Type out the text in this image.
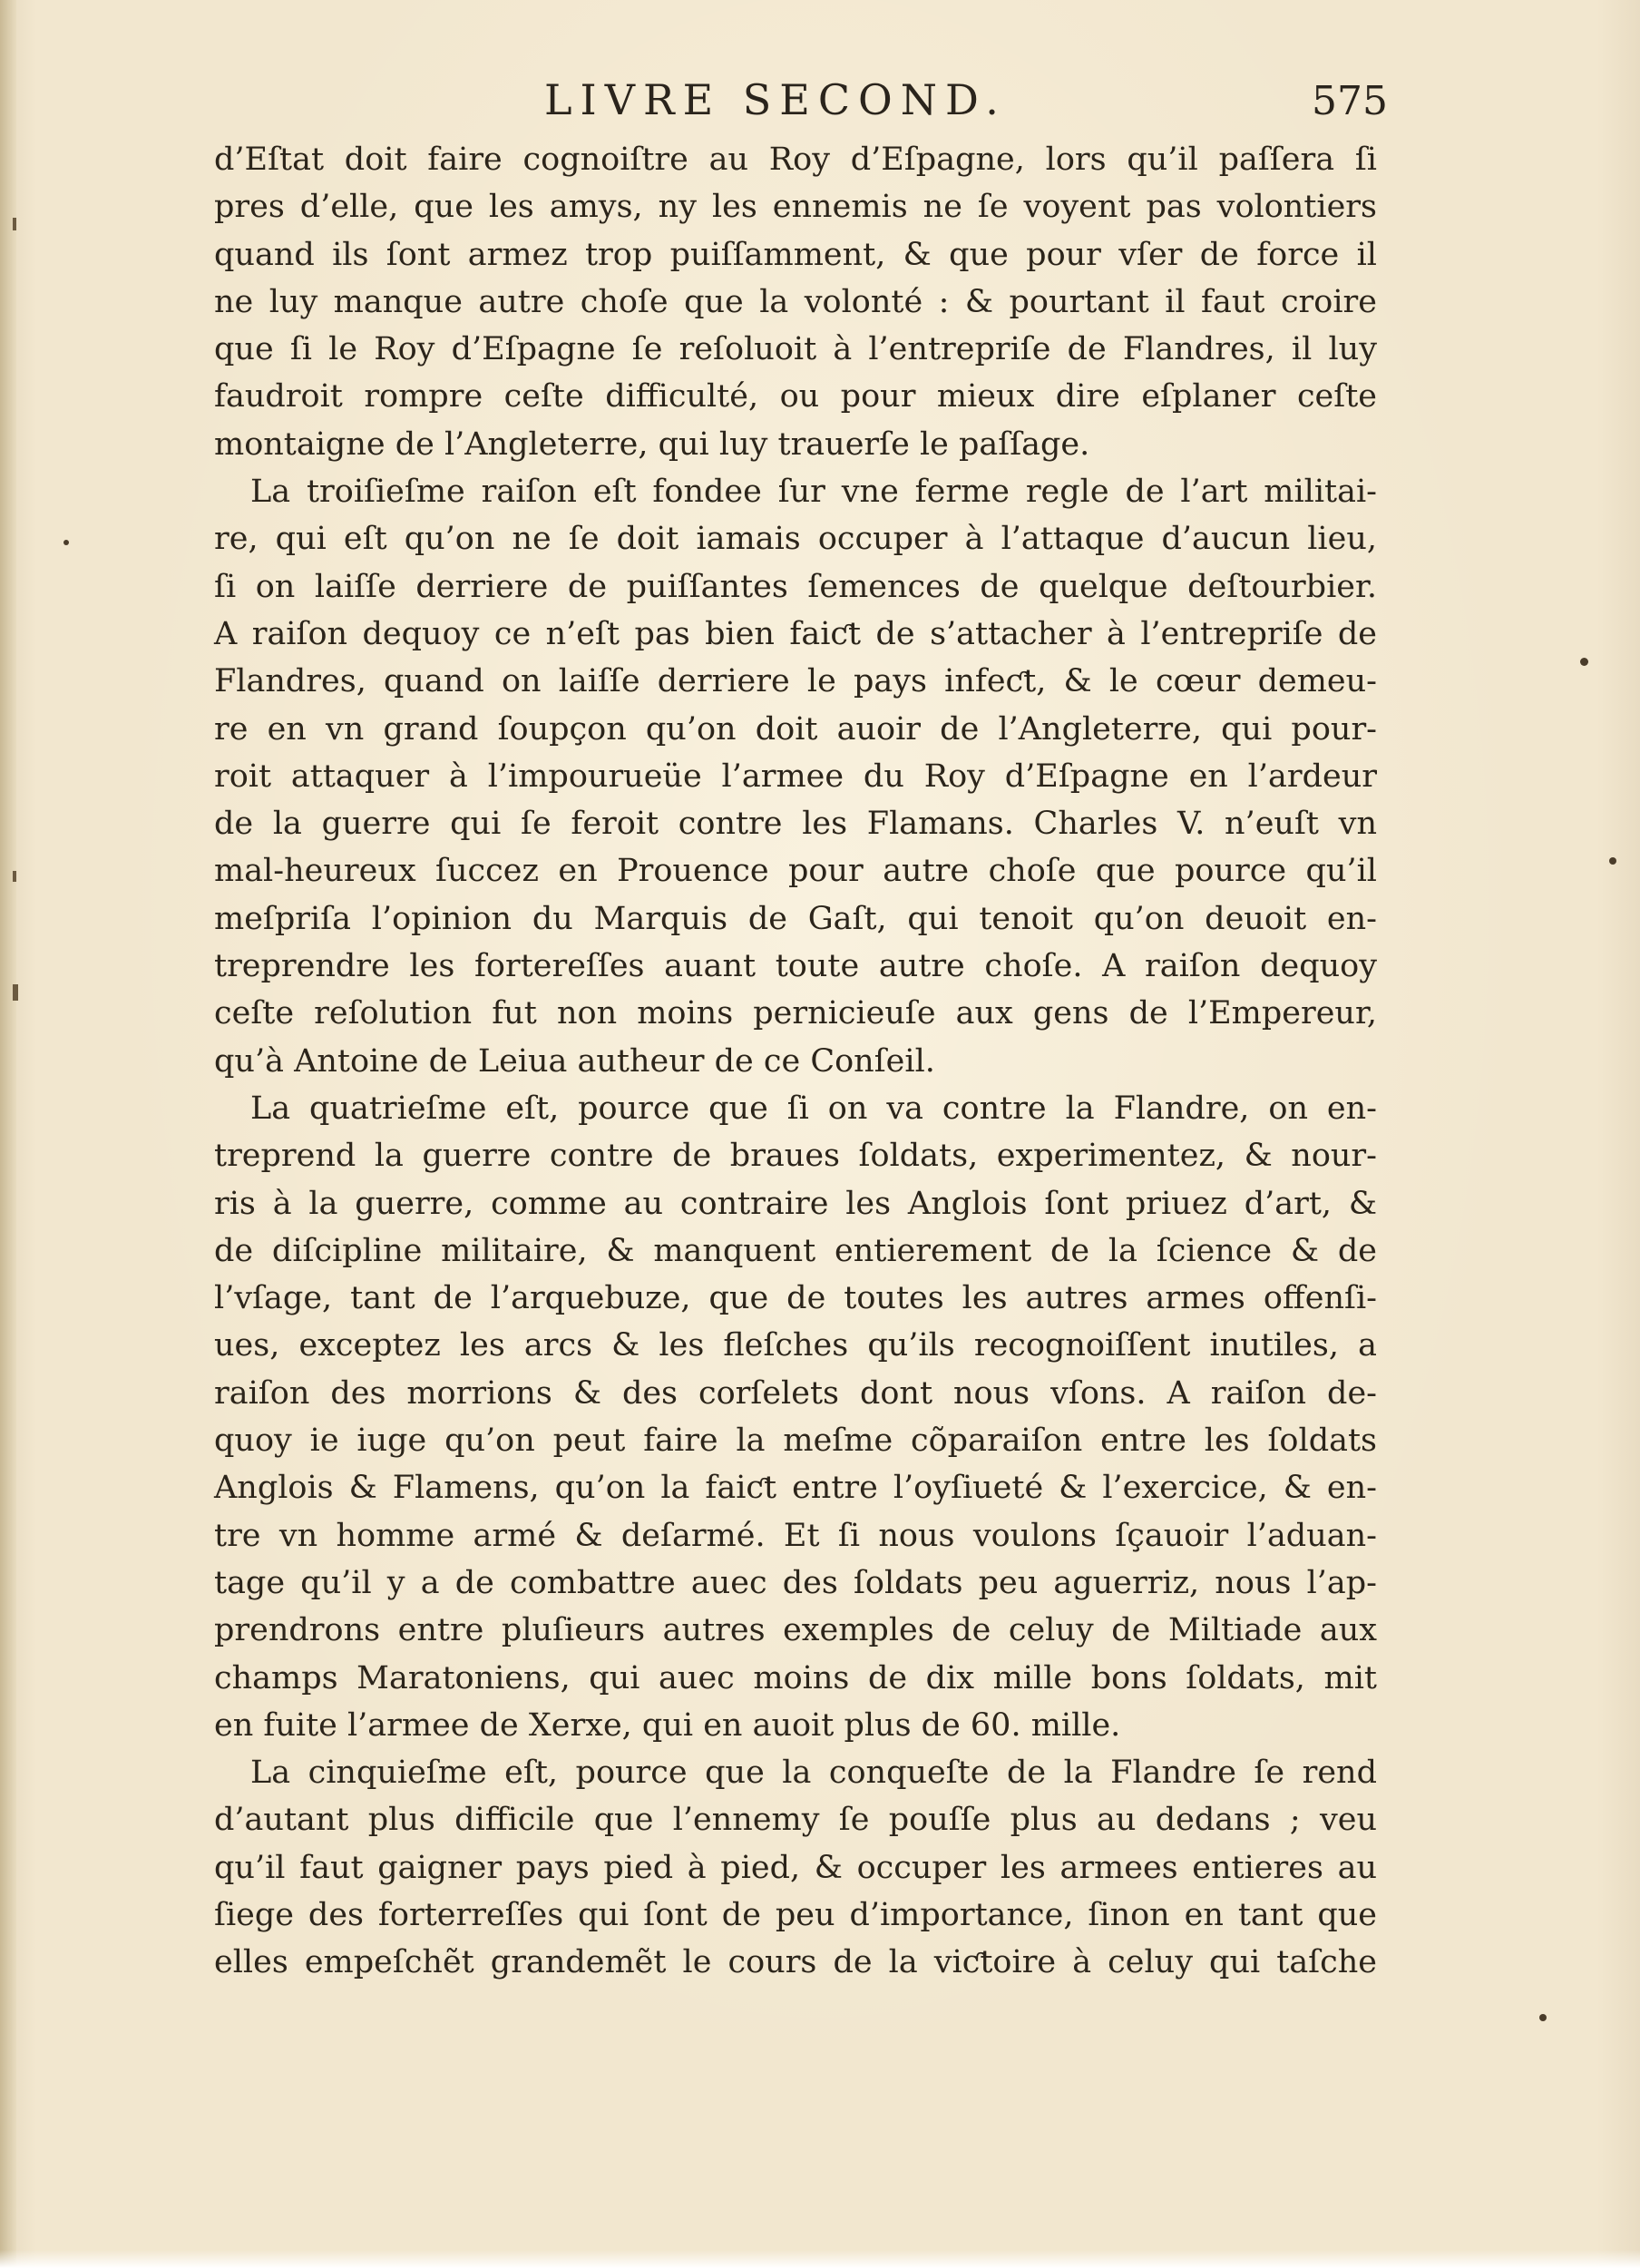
LIVRE SECOND.	575
d’Eſtat doit faire cognoiſtre au Roy d’Eſpagne, lors qu’il paſſera ſi
pres d’elle, que les amys, ny les ennemis ne ſe voyent pas volontiers
quand ils ſont armez trop puiſſamment, & que pour vſer de force il
ne luy manque autre choſe que la volonté : & pourtant il faut croire
que ſi le Roy d’Eſpagne ſe reſoluoit à l’entrepriſe de Flandres, il luy
faudroit rompre ceſte difficulté, ou pour mieux dire eſplaner ceſte
montaigne de l’Angleterre, qui luy trauerſe le paſſage.
La troiſieſme raiſon eſt fondee ſur vne ferme regle de l’art militai-
re, qui eſt qu’on ne ſe doit iamais occuper à l’attaque d’aucun lieu,
ſi on laiſſe derriere de puiſſantes ſemences de quelque deſtourbier.
A raiſon dequoy ce n’eſt pas bien faiƈt de s’attacher à l’entrepriſe de
Flandres, quand on laiſſe derriere le pays infeƈt, & le cœur demeu-
re en vn grand ſoupçon qu’on doit auoir de l’Angleterre, qui pour-
roit attaquer à l’impourueüe l’armee du Roy d’Eſpagne en l’ardeur
de la guerre qui ſe feroit contre les Flamans. Charles V. n’euſt vn
mal-heureux ſuccez en Prouence pour autre choſe que pource qu’il
meſpriſa l’opinion du Marquis de Gaſt, qui tenoit qu’on deuoit en-
treprendre les fortereſſes auant toute autre choſe. A raiſon dequoy
ceſte reſolution fut non moins pernicieuſe aux gens de l’Empereur,
qu’à Antoine de Leiua autheur de ce Conſeil.
La quatrieſme eſt, pource que ſi on va contre la Flandre, on en-
treprend la guerre contre de braues ſoldats, experimentez, & nour-
ris à la guerre, comme au contraire les Anglois ſont priuez d’art, &
de diſcipline militaire, & manquent entierement de la ſcience & de
l’vſage, tant de l’arquebuze, que de toutes les autres armes offenſi-
ues, exceptez les arcs & les fleſches qu’ils recognoiſſent inutiles, a
raiſon des morrions & des corſelets dont nous vſons. A raiſon de-
quoy ie iuge qu’on peut faire la meſme cõparaiſon entre les ſoldats
Anglois & Flamens, qu’on la faiƈt entre l’oyſiueté & l’exercice, & en-
tre vn homme armé & deſarmé. Et ſi nous voulons ſçauoir l’aduan-
tage qu’il y a de combattre auec des ſoldats peu aguerriz, nous l’ap-
prendrons entre pluſieurs autres exemples de celuy de Miltiade aux
champs Maratoniens, qui auec moins de dix mille bons ſoldats, mit
en fuite l’armee de Xerxe, qui en auoit plus de 60. mille.
La cinquieſme eſt, pource que la conqueſte de la Flandre ſe rend
d’autant plus difficile que l’ennemy ſe pouſſe plus au dedans ; veu
qu’il faut gaigner pays pied à pied, & occuper les armees entieres au
ſiege des forterreſſes qui ſont de peu d’importance, ſinon en tant que
elles empeſchẽt grandemẽt le cours de la viƈtoire à celuy qui taſche
